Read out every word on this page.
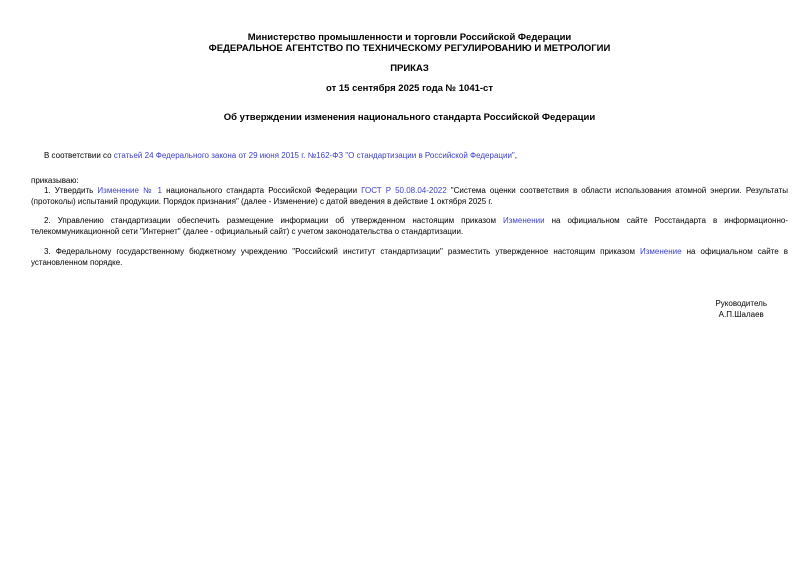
Министерство промышленности и торговли Российской Федерации
ФЕДЕРАЛЬНОЕ АГЕНТСТВО ПО ТЕХНИЧЕСКОМУ РЕГУЛИРОВАНИЮ И МЕТРОЛОГИИ
ПРИКАЗ
от 15 сентября 2025 года № 1041-ст
Об утверждении изменения национального стандарта Российской Федерации

В соответствии со статьей 24 Федерального закона от 29 июня 2015 г. №162-ФЗ "О стандартизации в Российской Федерации",

приказываю:

1. Утвердить Изменение № 1 национального стандарта Российской Федерации ГОСТ Р 50.08.04-2022 "Система оценки соответствия в области использования атомной энергии. Результаты (протоколы) испытаний продукции. Порядок признания" (далее - Изменение) с датой введения в действие 1 октября 2025 г.

2. Управлению стандартизации обеспечить размещение информации об утвержденном настоящим приказом Изменении на официальном сайте Росстандарта в информационно-телекоммуникационной сети "Интернет" (далее - официальный сайт) с учетом законодательства о стандартизации.

3. Федеральному государственному бюджетному учреждению "Российский институт стандартизации" разместить утвержденное настоящим приказом Изменение на официальном сайте в установленном порядке.

Руководитель
А.П.Шалаев
